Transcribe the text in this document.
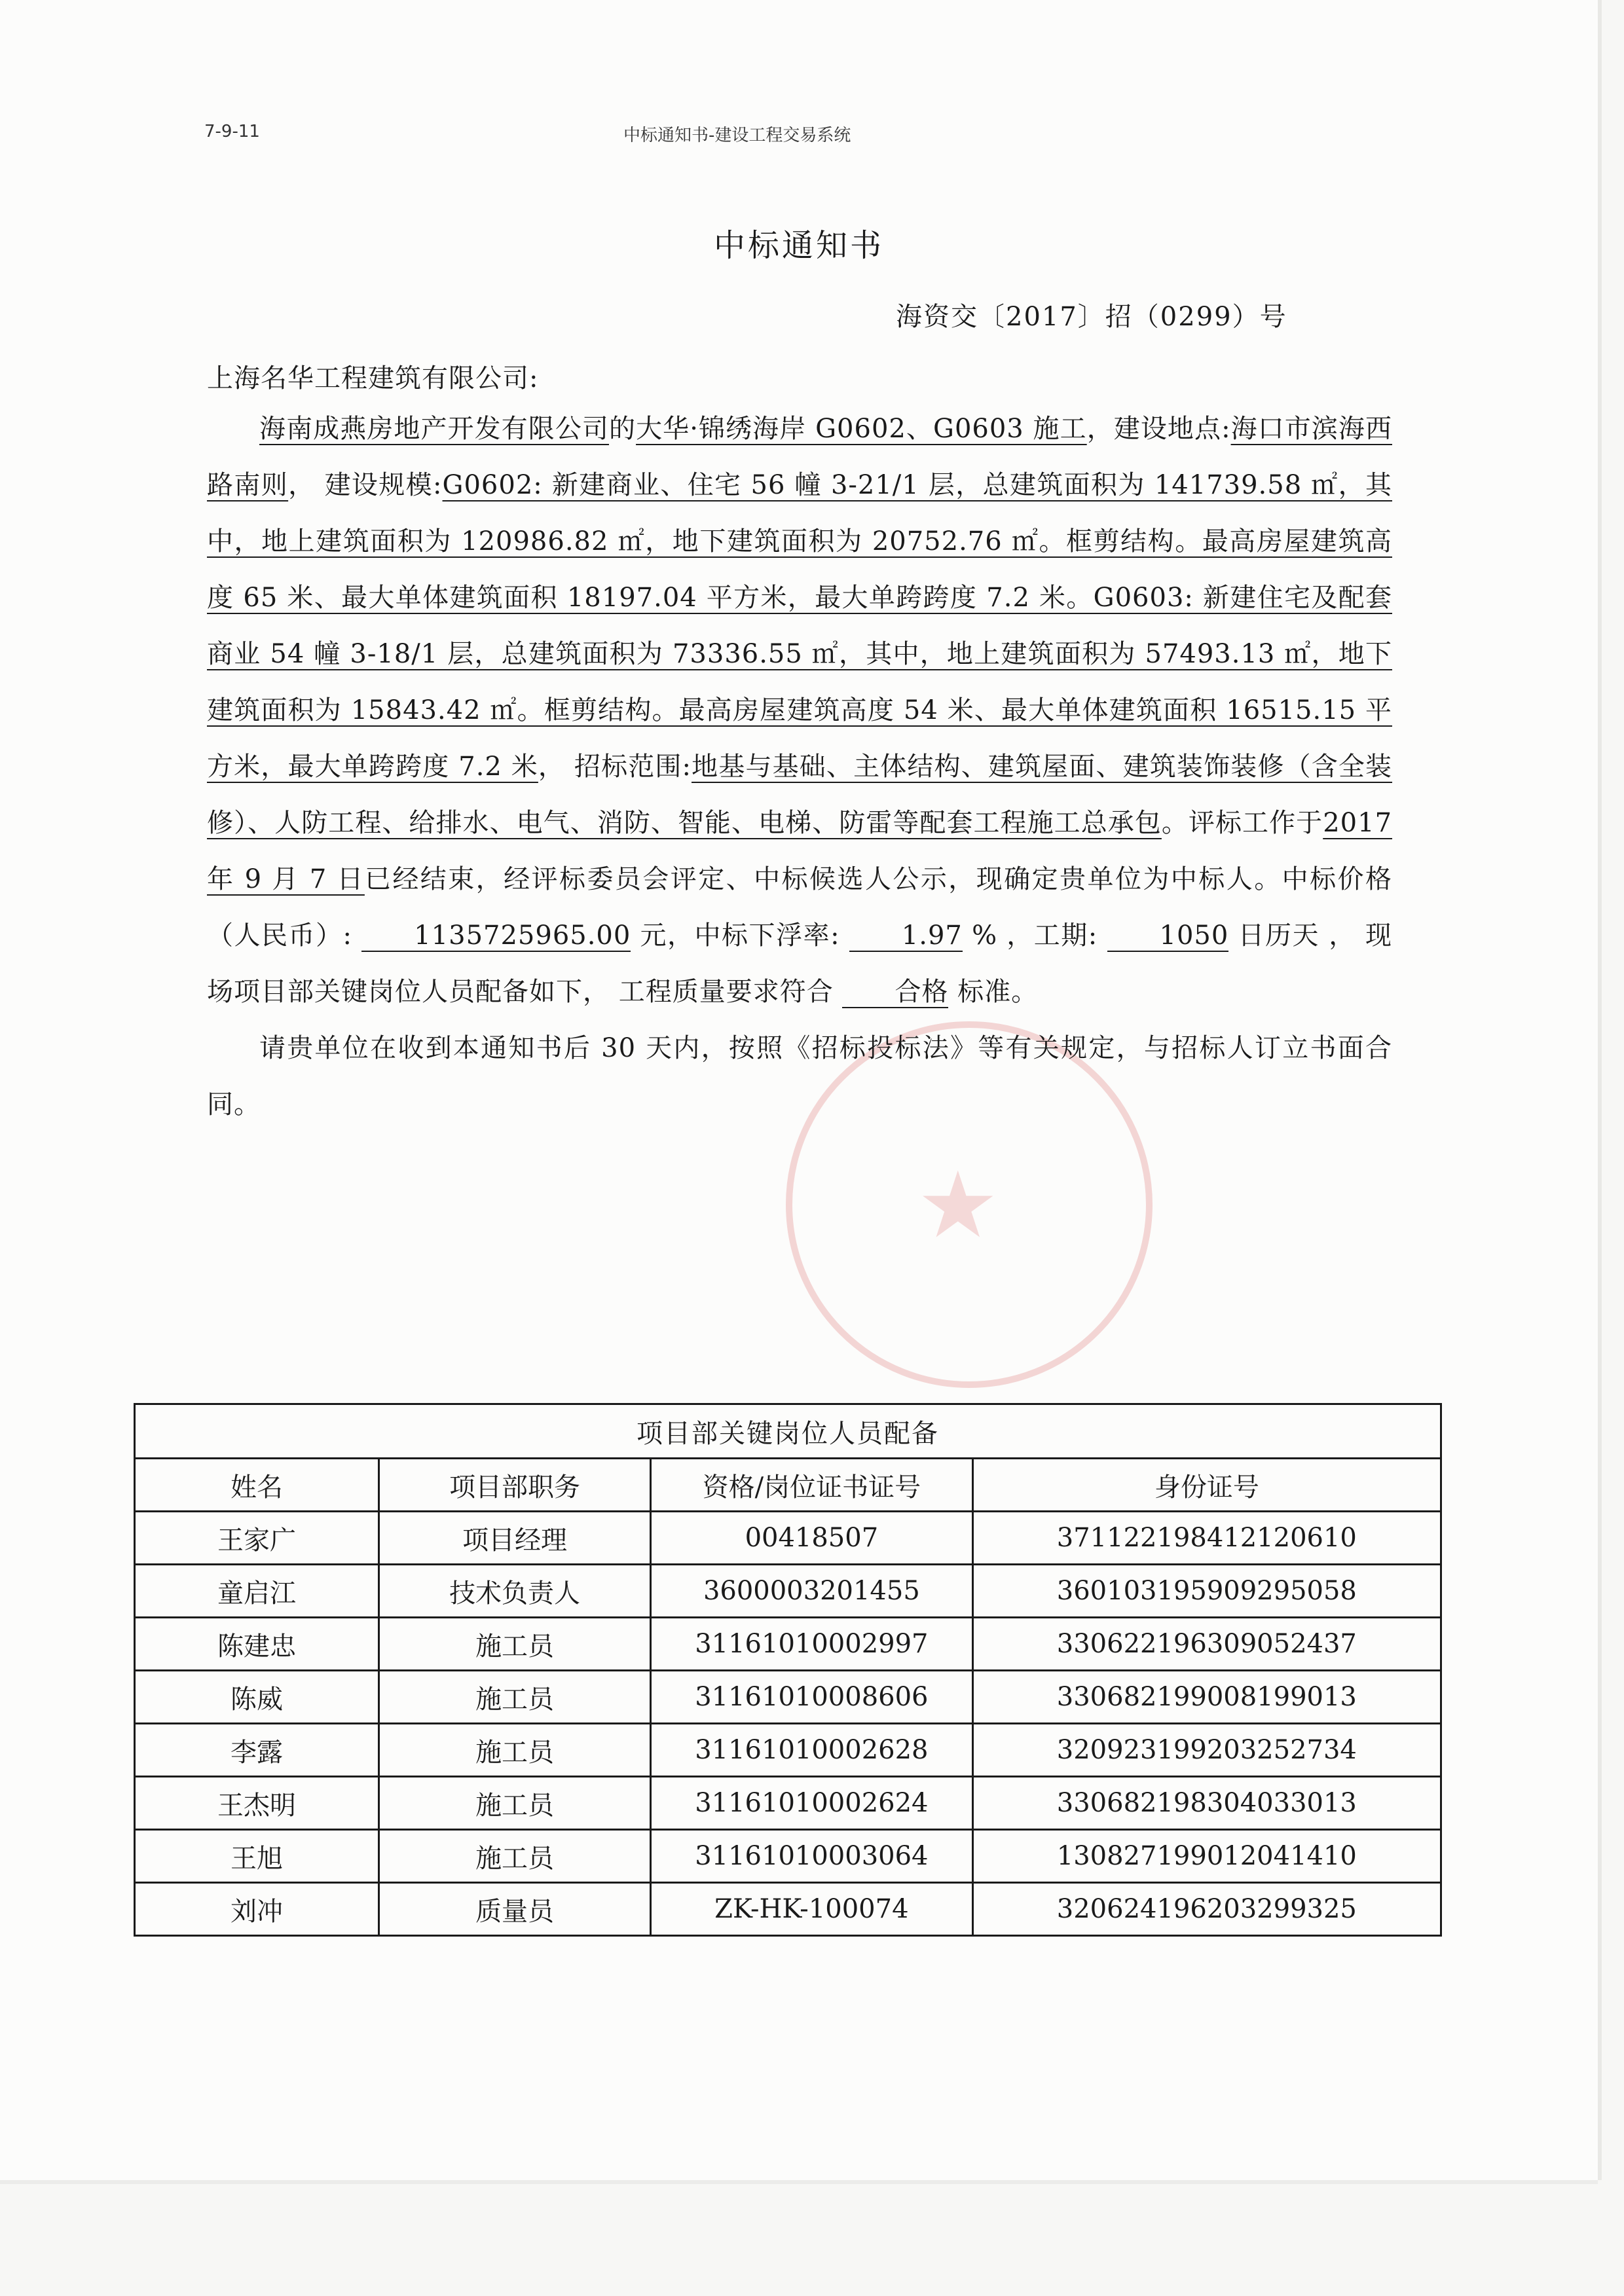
7-9-11	中标通知书-建设工程交易系统
中标通知书
海资交〔2017〕招（0299）号
上海名华工程建筑有限公司:
★

海南成燕房地产开发有限公司的大华·锦绣海岸 G0602、G0603 施工，建设地点:海口市滨海西路南则， 建设规模:G0602: 新建商业、住宅 56 幢 3-21/1 层，总建筑面积为 141739.58 ㎡，其中，地上建筑面积为 120986.82 ㎡，地下建筑面积为 20752.76 ㎡。框剪结构。最高房屋建筑高度 65 米、最大单体建筑面积 18197.04 平方米，最大单跨跨度 7.2 米。G0603: 新建住宅及配套商业 54 幢 3-18/1 层，总建筑面积为 73336.55 ㎡，其中，地上建筑面积为 57493.13 ㎡，地下建筑面积为 15843.42 ㎡。框剪结构。最高房屋建筑高度 54 米、最大单体建筑面积 16515.15 平方米，最大单跨跨度 7.2 米， 招标范围:地基与基础、主体结构、建筑屋面、建筑装饰装修（含全装修）、人防工程、给排水、电气、消防、智能、电梯、防雷等配套工程施工总承包。评标工作于2017 年 9 月 7 日已经结束，经评标委员会评定、中标候选人公示，现确定贵单位为中标人。中标价格（人民币）: 1135725965.00 元，中标下浮率: 1.97 % ，工期: 1050 日历天 ， 现场项目部关键岗位人员配备如下， 工程质量要求符合 合格 标准。

请贵单位在收到本通知书后 30 天内，按照《招标投标法》等有关规定，与招标人订立书面合同。

项目部关键岗位人员配备			
姓名	项目部职务	资格/岗位证书证号	身份证号
王家广	项目经理	00418507	371122198412120610
童启江	技术负责人	3600003201455	360103195909295058
陈建忠	施工员	31161010002997	330622196309052437
陈威	施工员	31161010008606	330682199008199013
李露	施工员	31161010002628	320923199203252734
王杰明	施工员	31161010002624	330682198304033013
王旭	施工员	31161010003064	130827199012041410
刘冲	质量员	ZK-HK-100074	320624196203299325
